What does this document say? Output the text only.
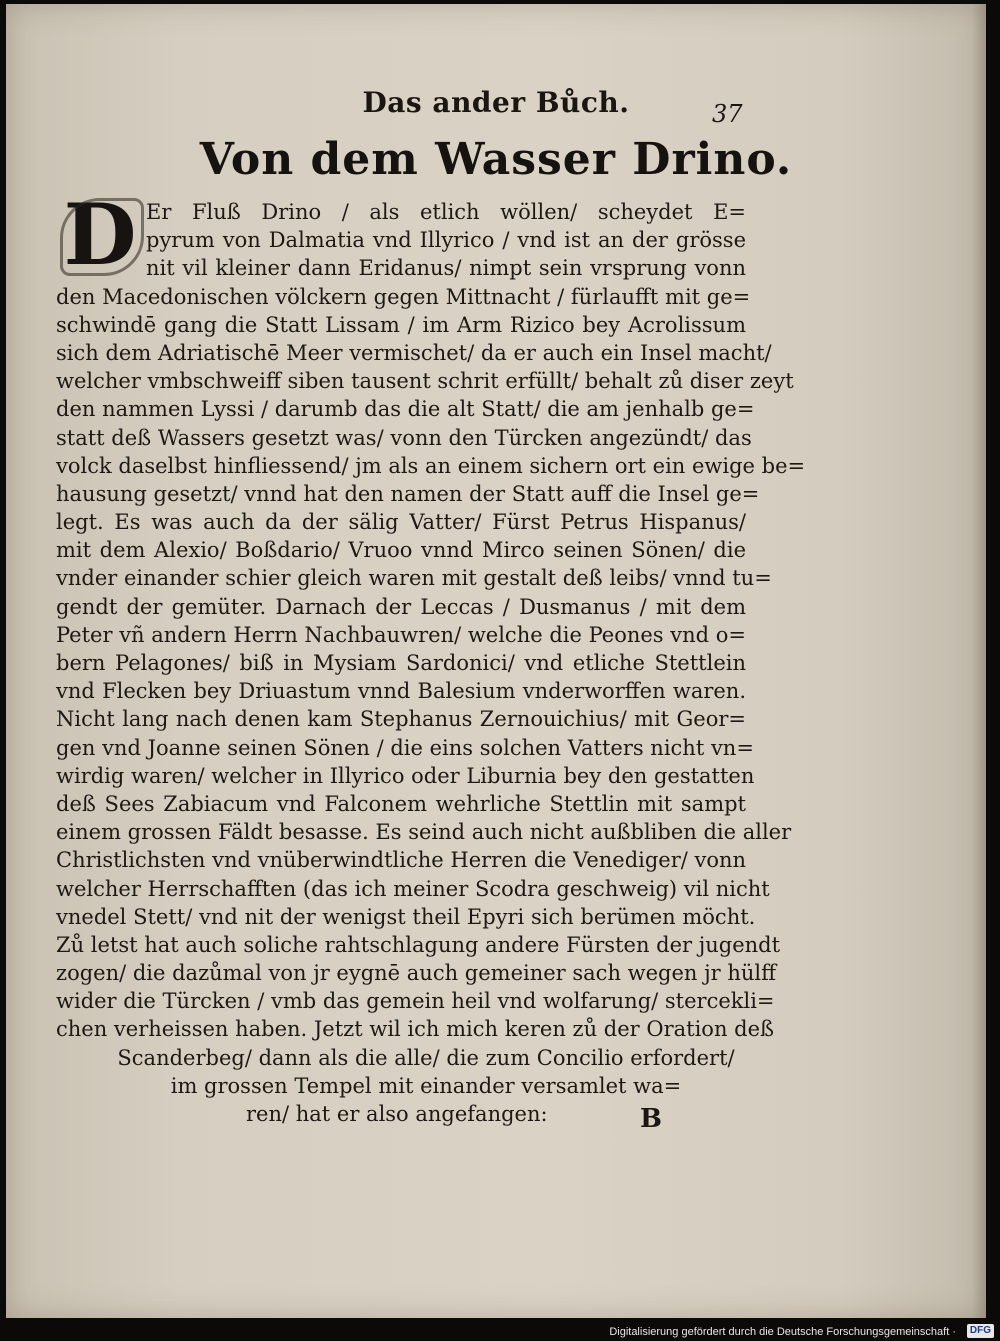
Das ander Bůch.	37
Von dem Wasser Drino.
D Er Fluß Drino / als etlich wöllen/ scheydet E=
pyrum von Dalmatia vnd Illyrico / vnd ist an der grösse
nit vil kleiner dann Eridanus/ nimpt sein vrsprung vonn
den Macedonischen völckern gegen Mittnacht / fürlaufft mit ge=
schwindē gang die Statt Lissam / im Arm Rizico bey Acrolissum
sich dem Adriatischē Meer vermischet/ da er auch ein Insel macht/
welcher vmbschweiff siben tausent schrit erfüllt/ behalt zů diser zeyt
den nammen Lyssi / darumb das die alt Statt/ die am jenhalb ge=
statt deß Wassers gesetzt was/ vonn den Türcken angezündt/ das
volck daselbst hinfliessend/ jm als an einem sichern ort ein ewige be=
hausung gesetzt/ vnnd hat den namen der Statt auff die Insel ge=
legt. Es was auch da der sälig Vatter/ Fürst Petrus Hispanus/
mit dem Alexio/ Boßdario/ Vruoo vnnd Mirco seinen Sönen/ die
vnder einander schier gleich waren mit gestalt deß leibs/ vnnd tu=
gendt der gemüter. Darnach der Leccas / Dusmanus / mit dem
Peter vñ andern Herrn Nachbauwren/ welche die Peones vnd o=
bern Pelagones/ biß in Mysiam Sardonici/ vnd etliche Stettlein
vnd Flecken bey Driuastum vnnd Balesium vnderworffen waren.
Nicht lang nach denen kam Stephanus Zernouichius/ mit Geor=
gen vnd Joanne seinen Sönen / die eins solchen Vatters nicht vn=
wirdig waren/ welcher in Illyrico oder Liburnia bey den gestatten
deß Sees Zabiacum vnd Falconem wehrliche Stettlin mit sampt
einem grossen Fäldt besasse. Es seind auch nicht außbliben die aller
Christlichsten vnd vnüberwindtliche Herren die Venediger/ vonn
welcher Herrschafften (das ich meiner Scodra geschweig) vil nicht
vnedel Stett/ vnd nit der wenigst theil Epyri sich berümen möcht.
Zů letst hat auch soliche rahtschlagung andere Fürsten der jugendt
zogen/ die dazůmal von jr eygnē auch gemeiner sach wegen jr hülff
wider die Türcken / vmb das gemein heil vnd wolfarung/ stercekli=
chen verheissen haben. Jetzt wil ich mich keren zů der Oration deß
Scanderbeg/ dann als die alle/ die zum Concilio erfordert/
im grossen Tempel mit einander versamlet wa=
ren/ hat er also angefangen:	B
Digitalisierung gefördert durch die Deutsche Forschungsgemeinschaft ·	DFG
